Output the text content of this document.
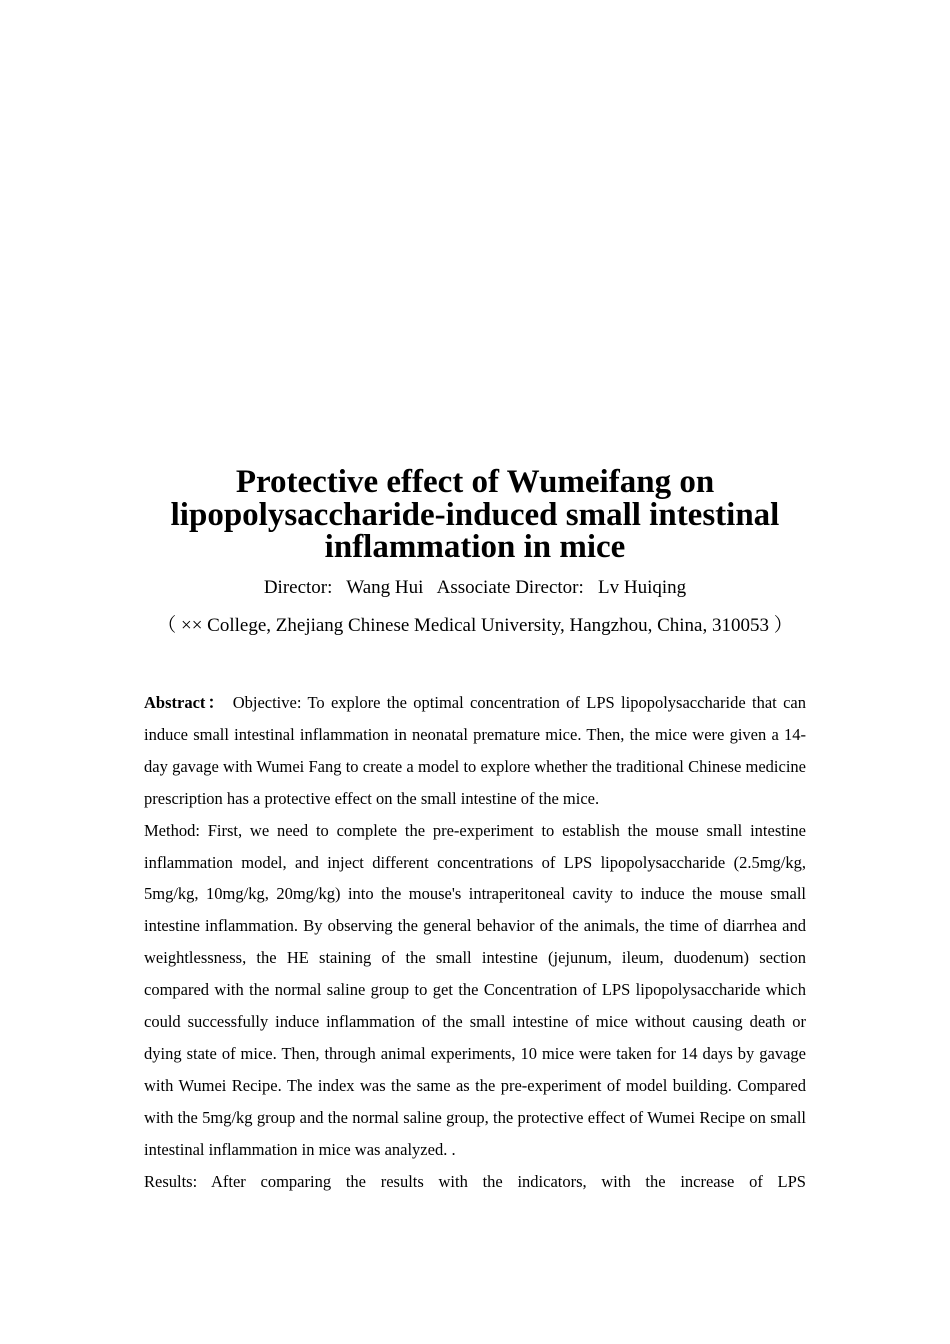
Protective effect of Wumeifang on

lipopolysaccharide-induced small intestinal

inflammation in mice

Director:   Wang Hui   Associate Director:   Lv Huiqing
（ ×× College, Zhejiang Chinese Medical University, Hangzhou, China, 310053 ）

Abstract： Objective: To explore the optimal concentration of LPS lipopolysaccharide that can induce small intestinal inflammation in neonatal premature mice. Then, the mice were given a 14-day gavage with Wumei Fang to create a model to explore whether the traditional Chinese medicine prescription has a protective effect on the small intestine of the mice.

Method: First, we need to complete the pre-experiment to establish the mouse small intestine inflammation model, and inject different concentrations of LPS lipopolysaccharide (2.5mg/kg, 5mg/kg, 10mg/kg, 20mg/kg) into the mouse's intraperitoneal cavity to induce the mouse small intestine inflammation. By observing the general behavior of the animals, the time of diarrhea and weightlessness, the HE staining of the small intestine (jejunum, ileum, duodenum) section compared with the normal saline group to get the Concentration of LPS lipopolysaccharide which could successfully induce inflammation of the small intestine of mice without causing death or dying state of mice. Then, through animal experiments, 10 mice were taken for 14 days by gavage with Wumei Recipe. The index was the same as the pre-experiment of model building. Compared with the 5mg/kg group and the normal saline group, the protective effect of Wumei Recipe on small intestinal inflammation in mice was analyzed. .

Results: After comparing the results with the indicators, with the increase of LPS
